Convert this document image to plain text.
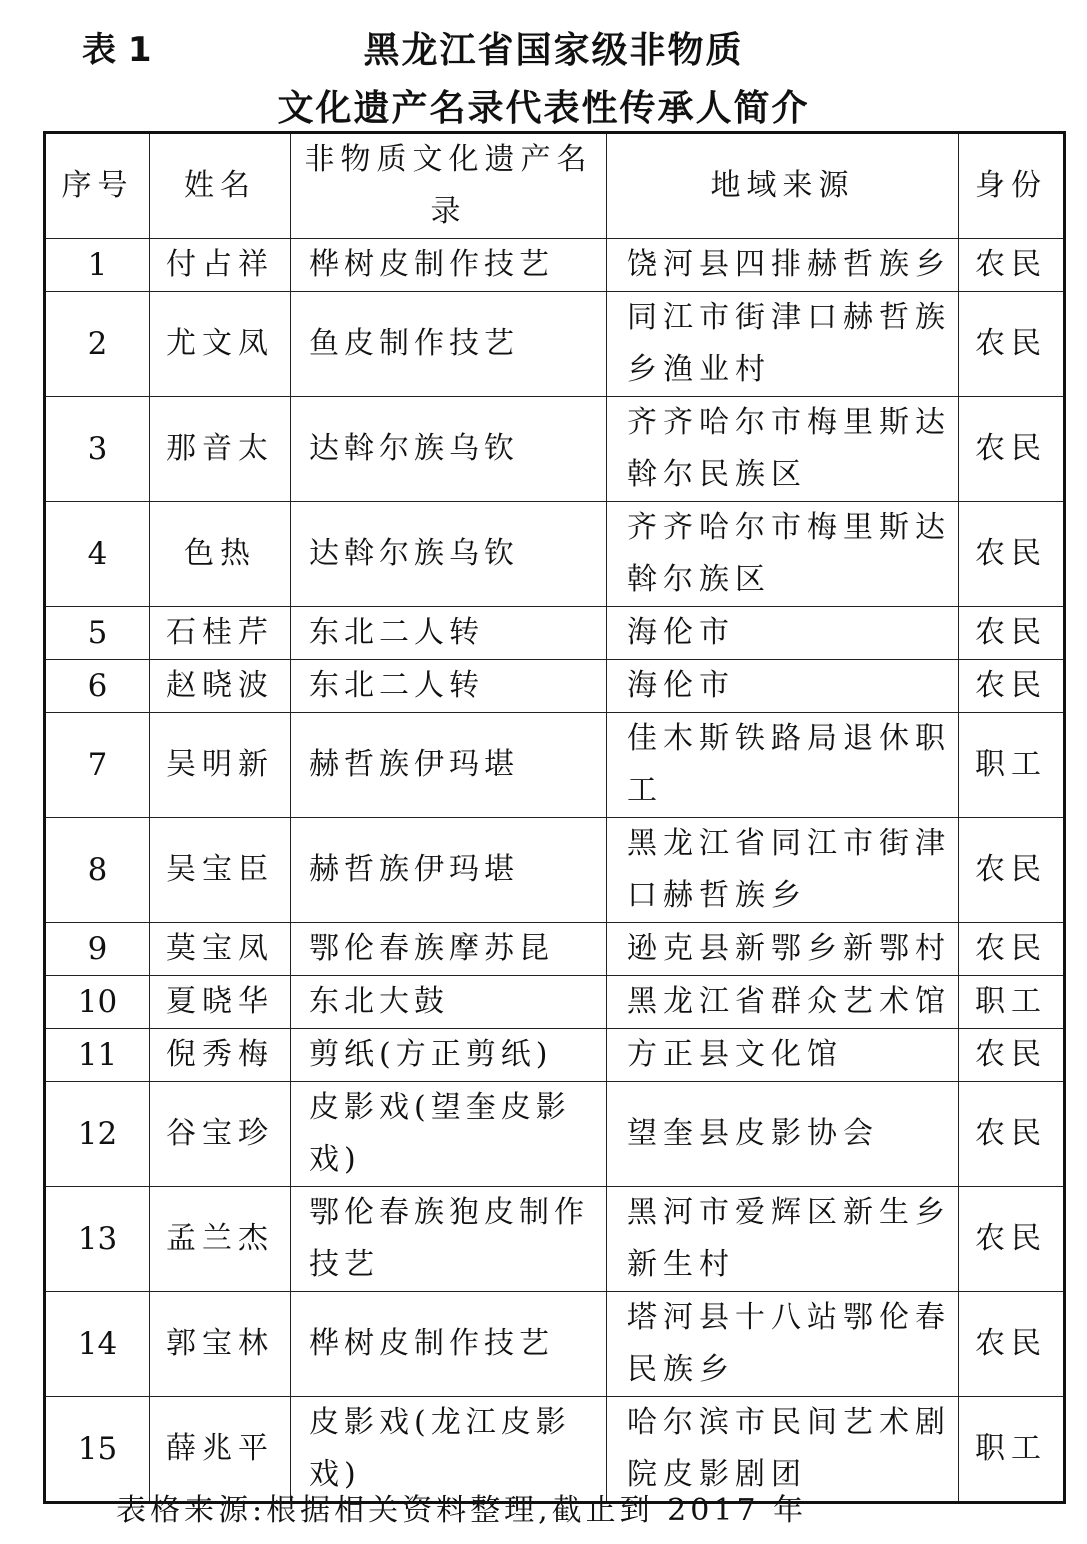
表 1	黑龙江省国家级非物质
文化遗产名录代表性传承人简介
序号	姓名	非物质文化遗产名录	地域来源	身份
1	付占祥	桦树皮制作技艺	饶河县四排赫哲族乡	农民
2	尤文凤	鱼皮制作技艺	同江市街津口赫哲族乡渔业村	农民
3	那音太	达斡尔族乌钦	齐齐哈尔市梅里斯达斡尔民族区	农民
4	色热	达斡尔族乌钦	齐齐哈尔市梅里斯达斡尔族区	农民
5	石桂芹	东北二人转	海伦市	农民
6	赵晓波	东北二人转	海伦市	农民
7	吴明新	赫哲族伊玛堪	佳木斯铁路局退休职工	职工
8	吴宝臣	赫哲族伊玛堪	黑龙江省同江市街津口赫哲族乡	农民
9	莫宝凤	鄂伦春族摩苏昆	逊克县新鄂乡新鄂村	农民
10	夏晓华	东北大鼓	黑龙江省群众艺术馆	职工
11	倪秀梅	剪纸(方正剪纸)	方正县文化馆	农民
12	谷宝珍	皮影戏(望奎皮影戏)	望奎县皮影协会	农民
13	孟兰杰	鄂伦春族狍皮制作技艺	黑河市爱辉区新生乡新生村	农民
14	郭宝林	桦树皮制作技艺	塔河县十八站鄂伦春民族乡	农民
15	薛兆平	皮影戏(龙江皮影戏)	哈尔滨市民间艺术剧院皮影剧团	职工
表格来源:根据相关资料整理,截止到 2017 年
